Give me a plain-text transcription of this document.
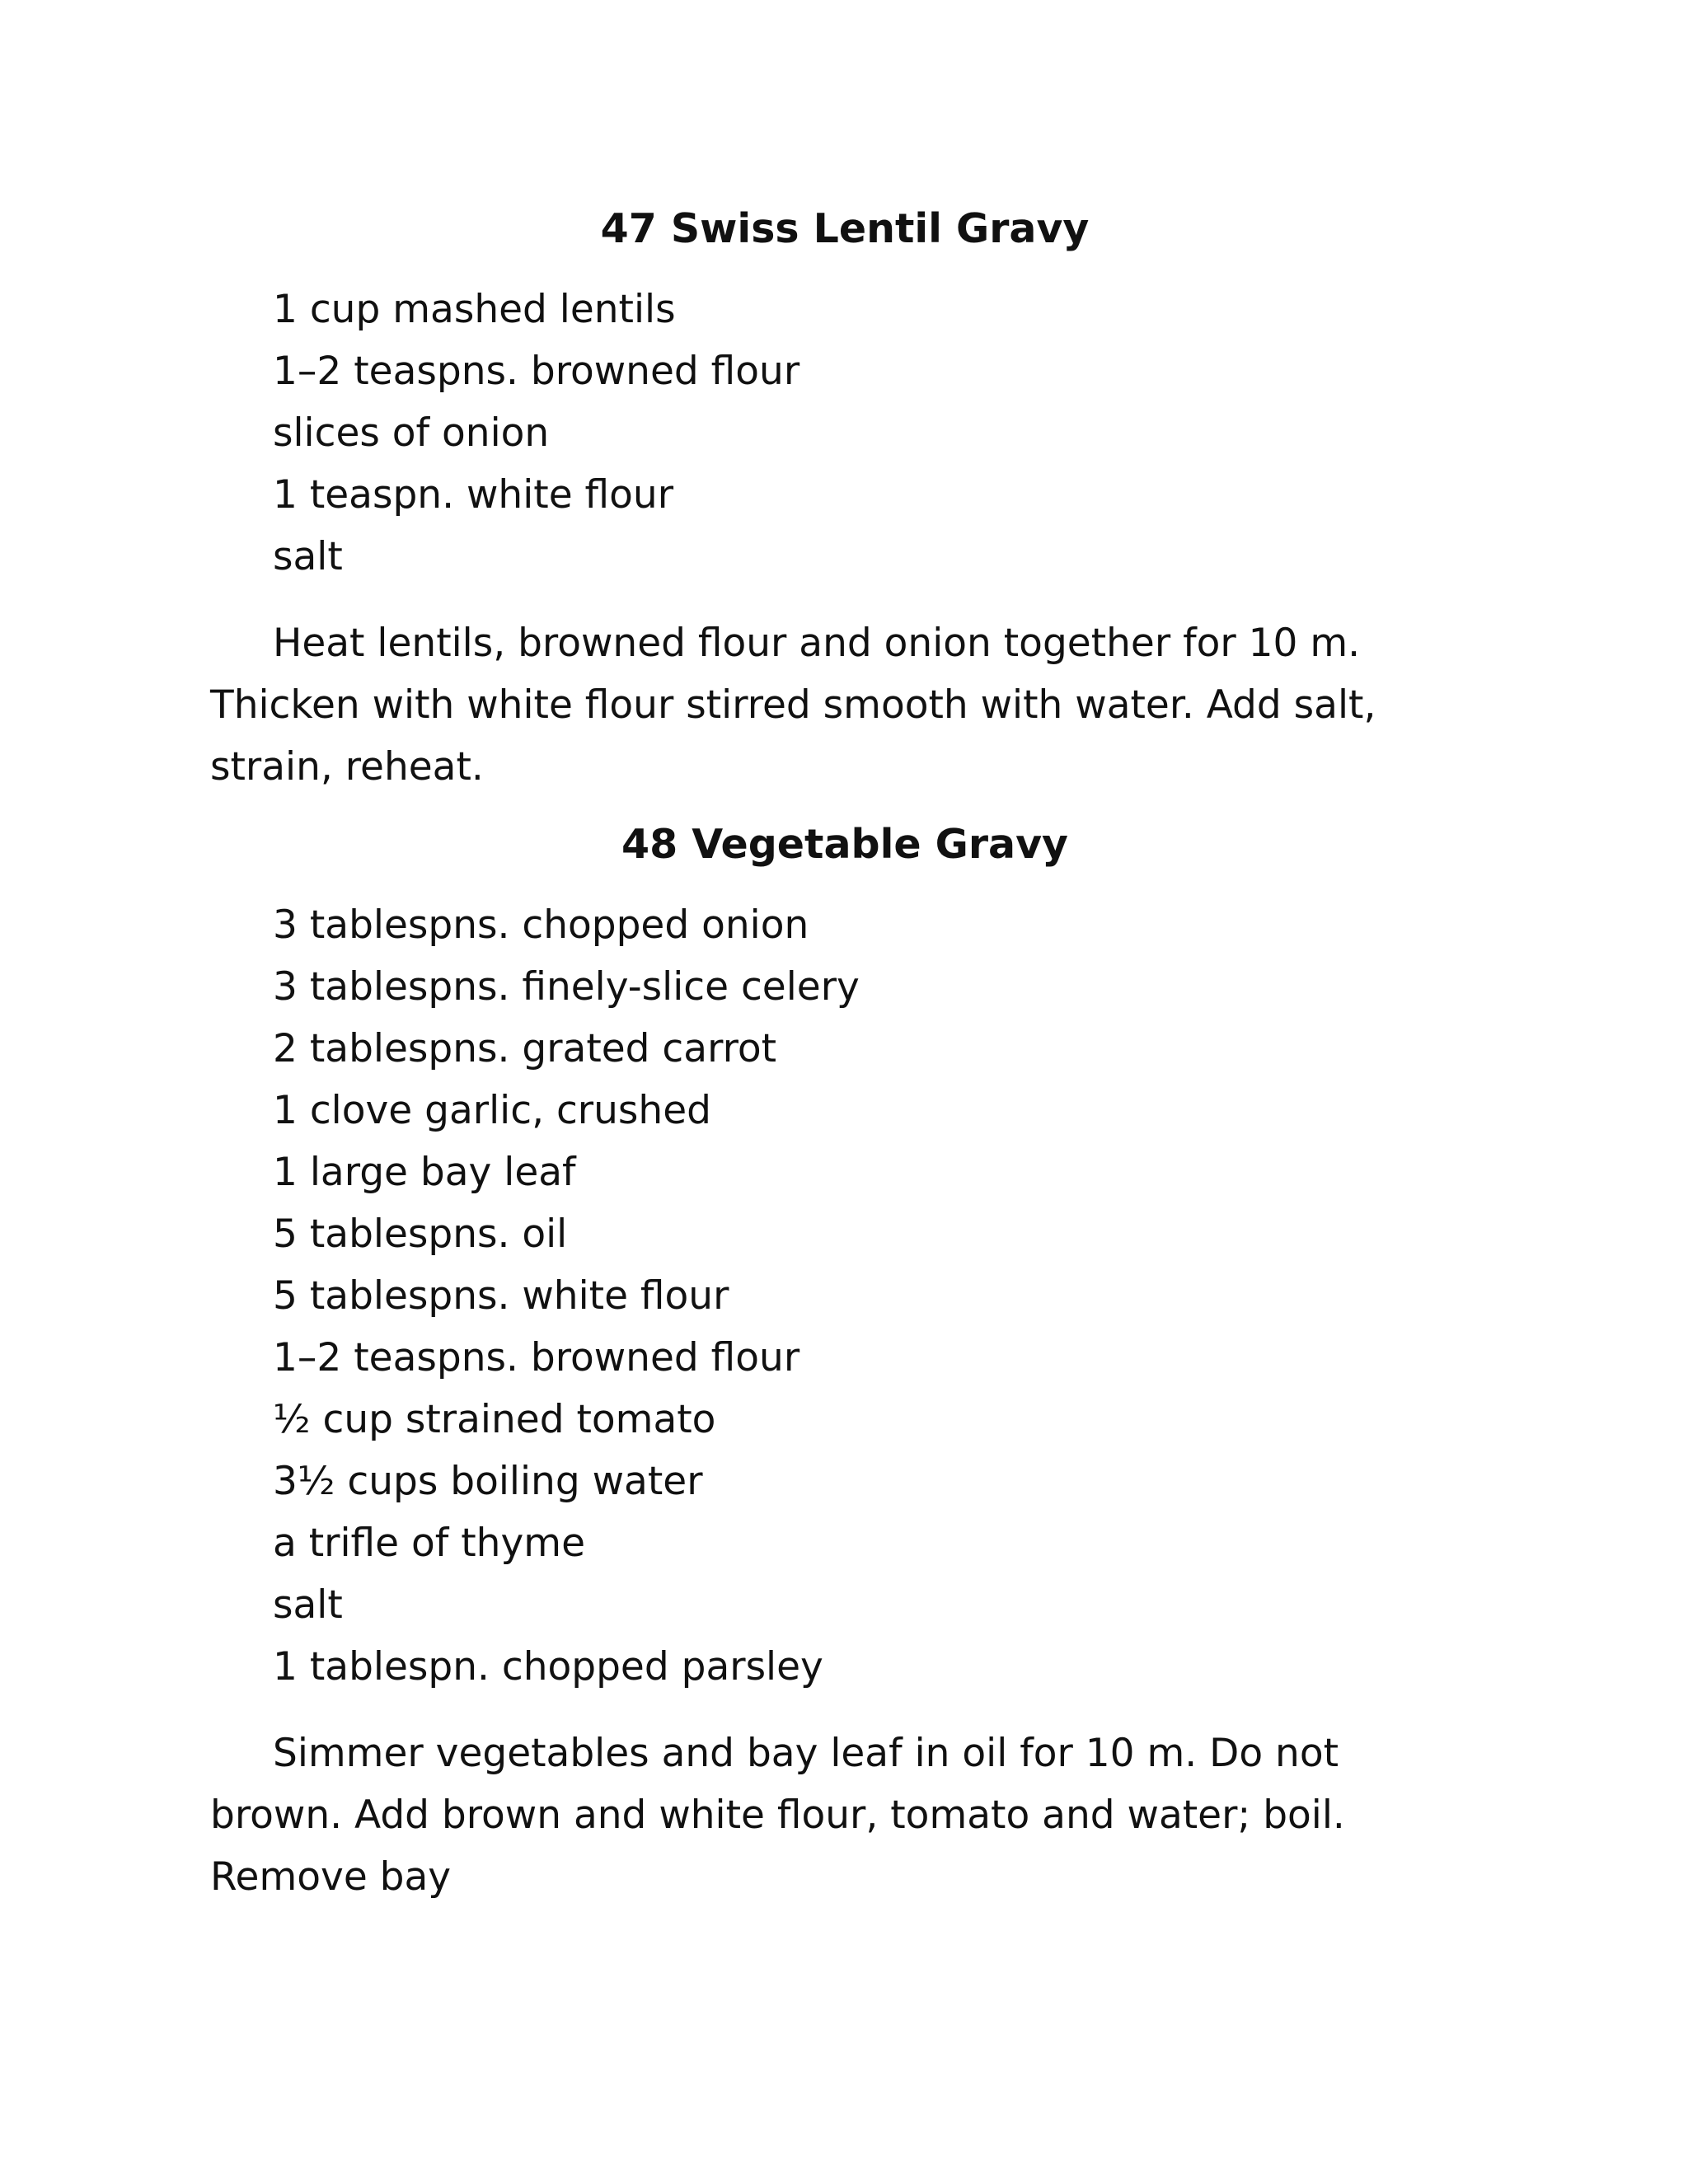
47 Swiss Lentil Gravy
1 cup mashed lentils
1–2 teaspns. browned flour
slices of onion
1 teaspn. white flour
salt

Heat lentils, browned flour and onion together for 10 m. Thicken with white flour stirred smooth with water. Add salt, strain, reheat.

48 Vegetable Gravy
3 tablespns. chopped onion
3 tablespns. finely-slice celery
2 tablespns. grated carrot
1 clove garlic, crushed
1 large bay leaf
5 tablespns. oil
5 tablespns. white flour
1–2 teaspns. browned flour
½ cup strained tomato
3½ cups boiling water
a trifle of thyme
salt
1 tablespn. chopped parsley

Simmer vegetables and bay leaf in oil for 10 m. Do not brown. Add brown and white flour, tomato and water; boil. Remove bay
